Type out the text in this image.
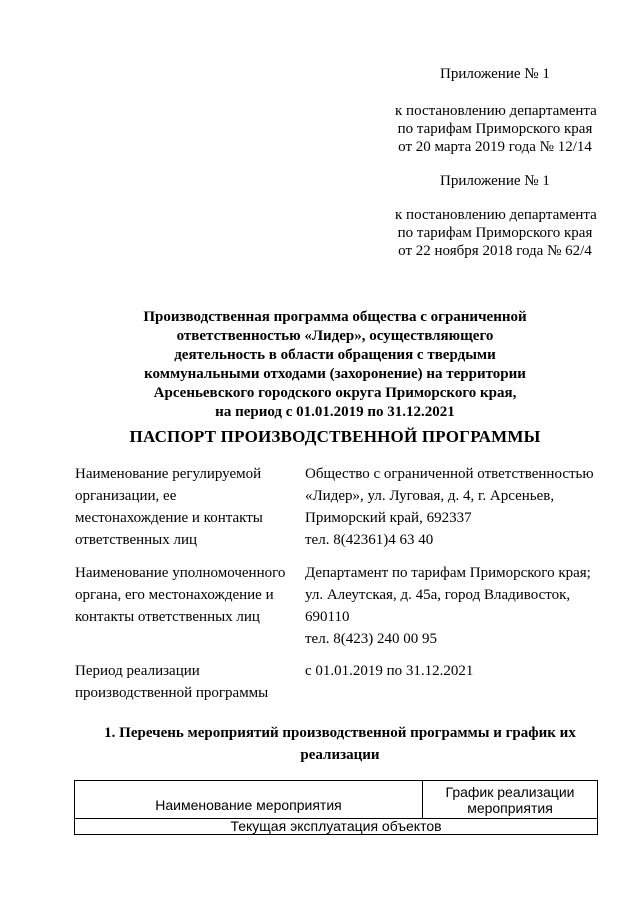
Приложение № 1
к постановлению департамента
по тарифам Приморского края
от 20 марта 2019 года № 12/14
Приложение № 1
к постановлению департамента
по тарифам Приморского края
от 22 ноября 2018 года № 62/4
Производственная программа общества с ограниченной
ответственностью «Лидер», осуществляющего
деятельность в области обращения с твердыми
коммунальными отходами (захоронение) на территории
Арсеньевского городского округа Приморского края,
на период с 01.01.2019 по 31.12.2021
ПАСПОРТ ПРОИЗВОДСТВЕННОЙ ПРОГРАММЫ
Наименование регулируемой
организации, ее
местонахождение и контакты
ответственных лиц
Общество с ограниченной ответственностью
«Лидер», ул. Луговая, д. 4, г. Арсеньев,
Приморский край, 692337
тел. 8(42361)4 63 40
Наименование уполномоченного
органа, его местонахождение и
контакты ответственных лиц
Департамент по тарифам Приморского края;
ул. Алеутская, д. 45а, город Владивосток,
690110
тел. 8(423) 240 00 95
Период реализации
производственной программы
с 01.01.2019 по 31.12.2021
1. Перечень мероприятий производственной программы и график их
реализации
Наименование мероприятия
График реализации
мероприятия
Текущая эксплуатация объектов
